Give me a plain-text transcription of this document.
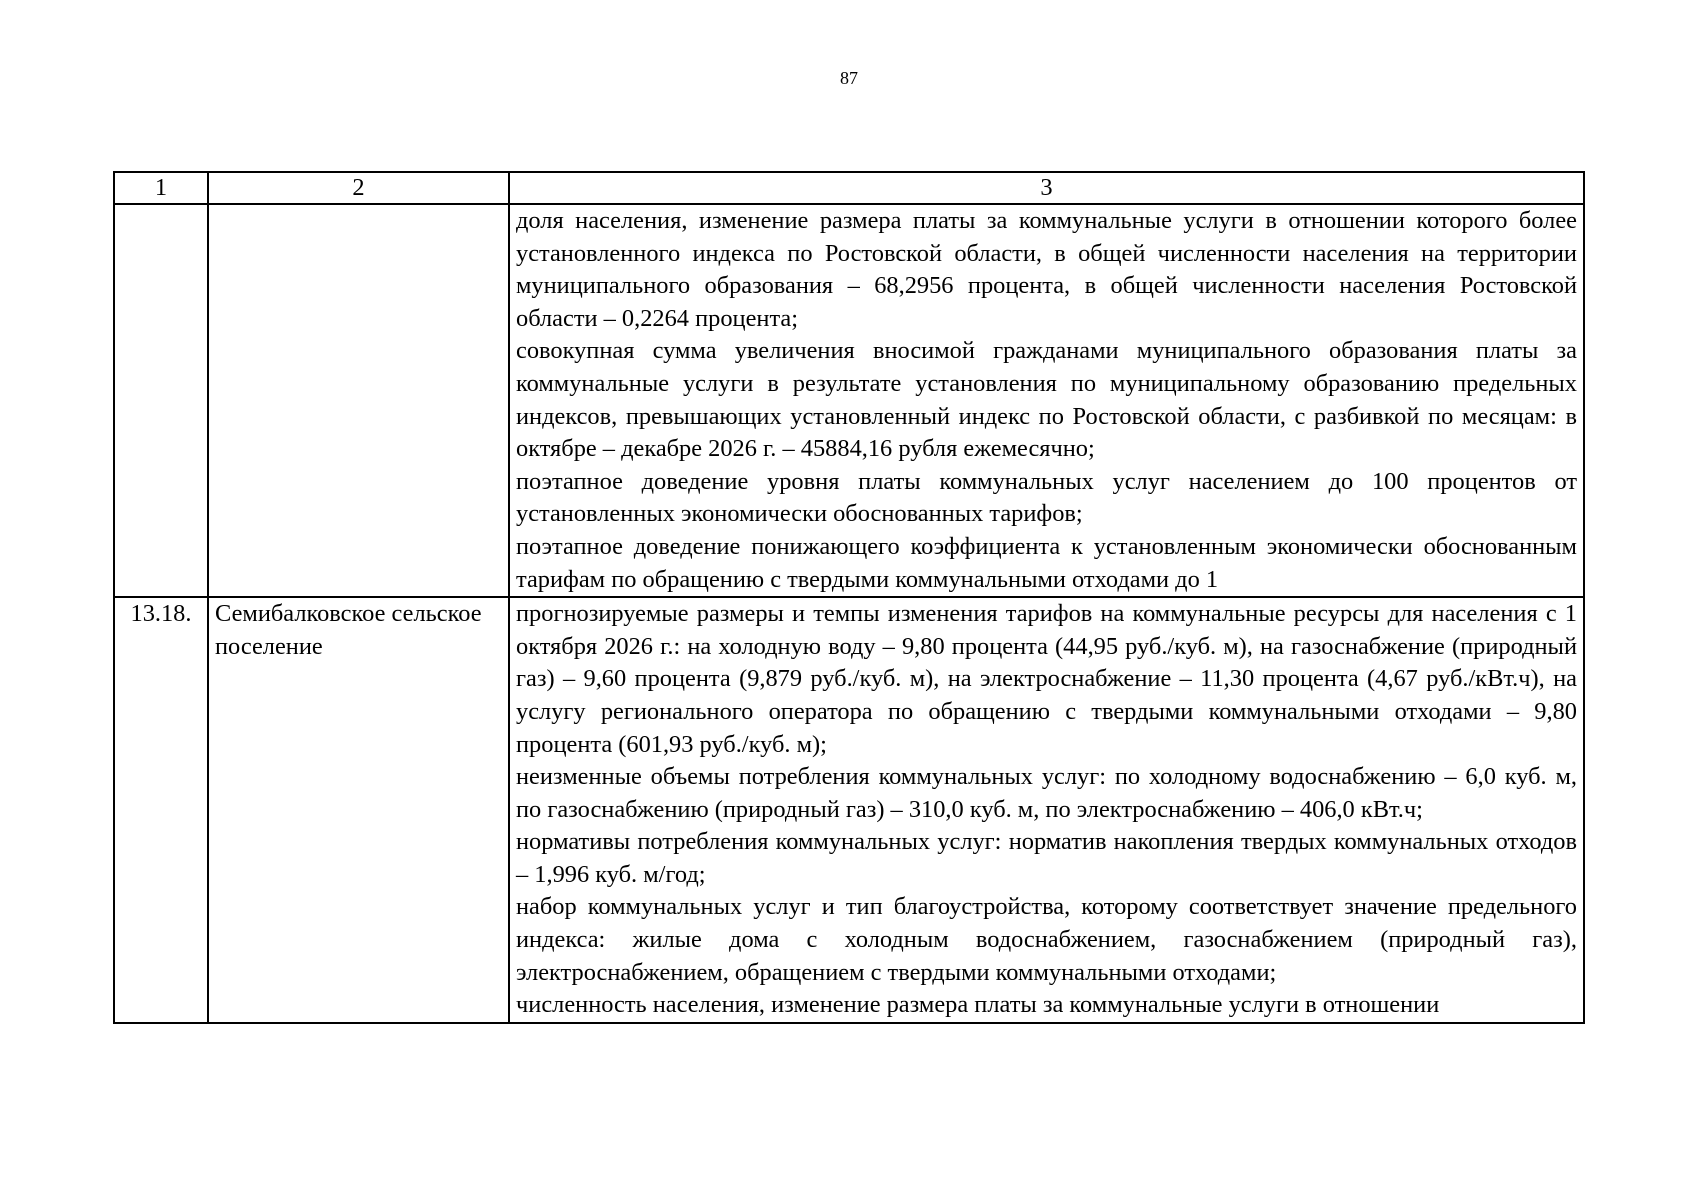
87
1	2	3

		доля населения, изменение размера платы за коммунальные услуги в отношении которого более установленного индекса по Ростовской области, в общей численности населения на территории муниципального образования – 68,2956 процента, в общей численности населения Ростовской области – 0,2264 процента;
совокупная сумма увеличения вносимой гражданами муниципального образования платы за коммунальные услуги в результате установления по муниципальному образованию предельных индексов, превышающих установленный индекс по Ростовской области, с разбивкой по месяцам: в октябре – декабре 2026 г. – 45884,16 рубля ежемесячно;
поэтапное доведение уровня платы коммунальных услуг населением до 100 процентов от установленных экономически обоснованных тарифов;
поэтапное доведение понижающего коэффициента к установленным экономически обоснованным тарифам по обращению с твердыми коммунальными отходами до 1

13.18.	Семибалковское сельское поселение	прогнозируемые размеры и темпы изменения тарифов на коммунальные ресурсы для населения с 1 октября 2026 г.: на холодную воду – 9,80 процента (44,95 руб./куб. м), на газоснабжение (природный газ) – 9,60 процента (9,879 руб./куб. м), на электроснабжение – 11,30 процента (4,67 руб./кВт.ч), на услугу регионального оператора по обращению с твердыми коммунальными отходами – 9,80 процента (601,93 руб./куб. м);
неизменные объемы потребления коммунальных услуг: по холодному водоснабжению – 6,0 куб. м, по газоснабжению (природный газ) – 310,0 куб. м, по электроснабжению – 406,0 кВт.ч;
нормативы потребления коммунальных услуг: норматив накопления твердых коммунальных отходов – 1,996 куб. м/год;
набор коммунальных услуг и тип благоустройства, которому соответствует значение предельного индекса: жилые дома с холодным водоснабжением, газоснабжением (природный газ), электроснабжением, обращением с твердыми коммунальными отходами;
численность населения, изменение размера платы за коммунальные услуги в отношении
